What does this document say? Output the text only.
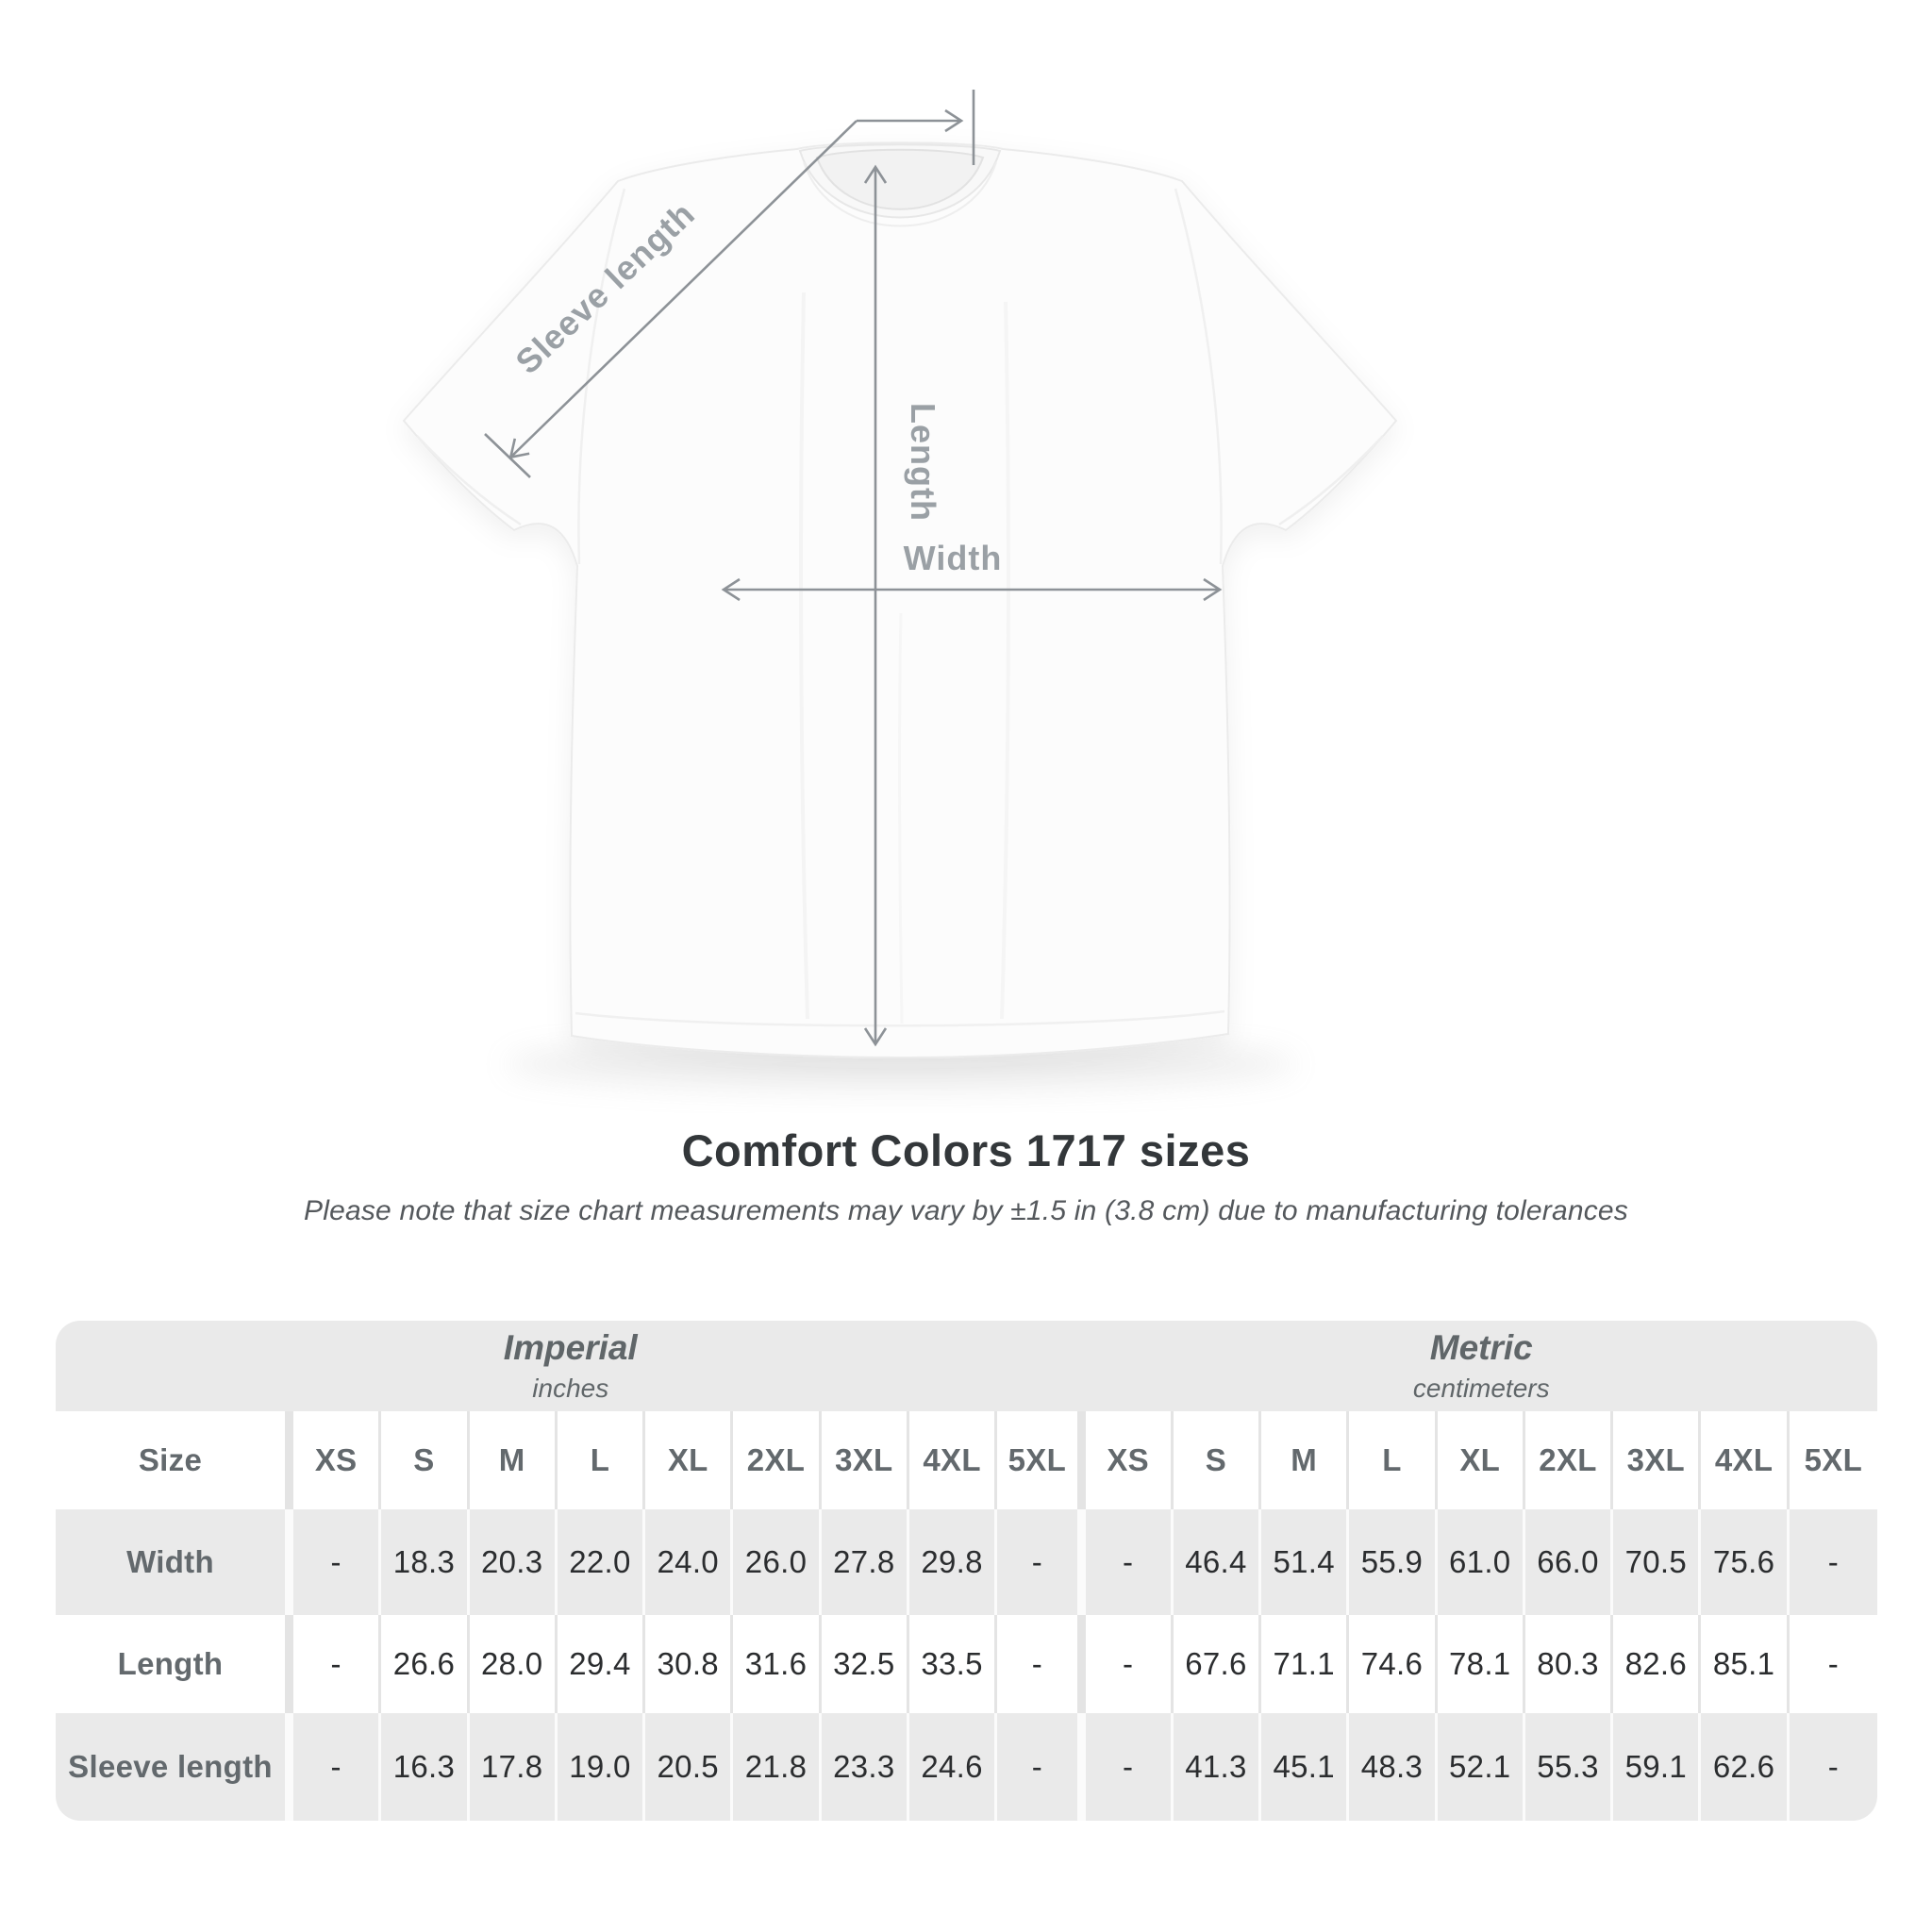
Sleeve length
Length
Width
Comfort Colors 1717 sizes
Please note that size chart measurements may vary by ±1.5 in (3.8 cm) due to manufacturing tolerances
Imperial
inches
Metric
centimeters
Size	XS S M L XL 2XL 3XL 4XL 5XL XS S M L XL 2XL 3XL 4XL 5XL
Width	- 18.3 20.3 22.0 24.0 26.0 27.8 29.8 -	- 46.4 51.4 55.9 61.0 66.0 70.5 75.6 -
Length	- 26.6 28.0 29.4 30.8 31.6 32.5 33.5 -	- 67.6 71.1 74.6 78.1 80.3 82.6 85.1 -
Sleeve length - 16.3 17.8 19.0 20.5 21.8 23.3 24.6 -	- 41.3 45.1 48.3 52.1 55.3 59.1 62.6 -
